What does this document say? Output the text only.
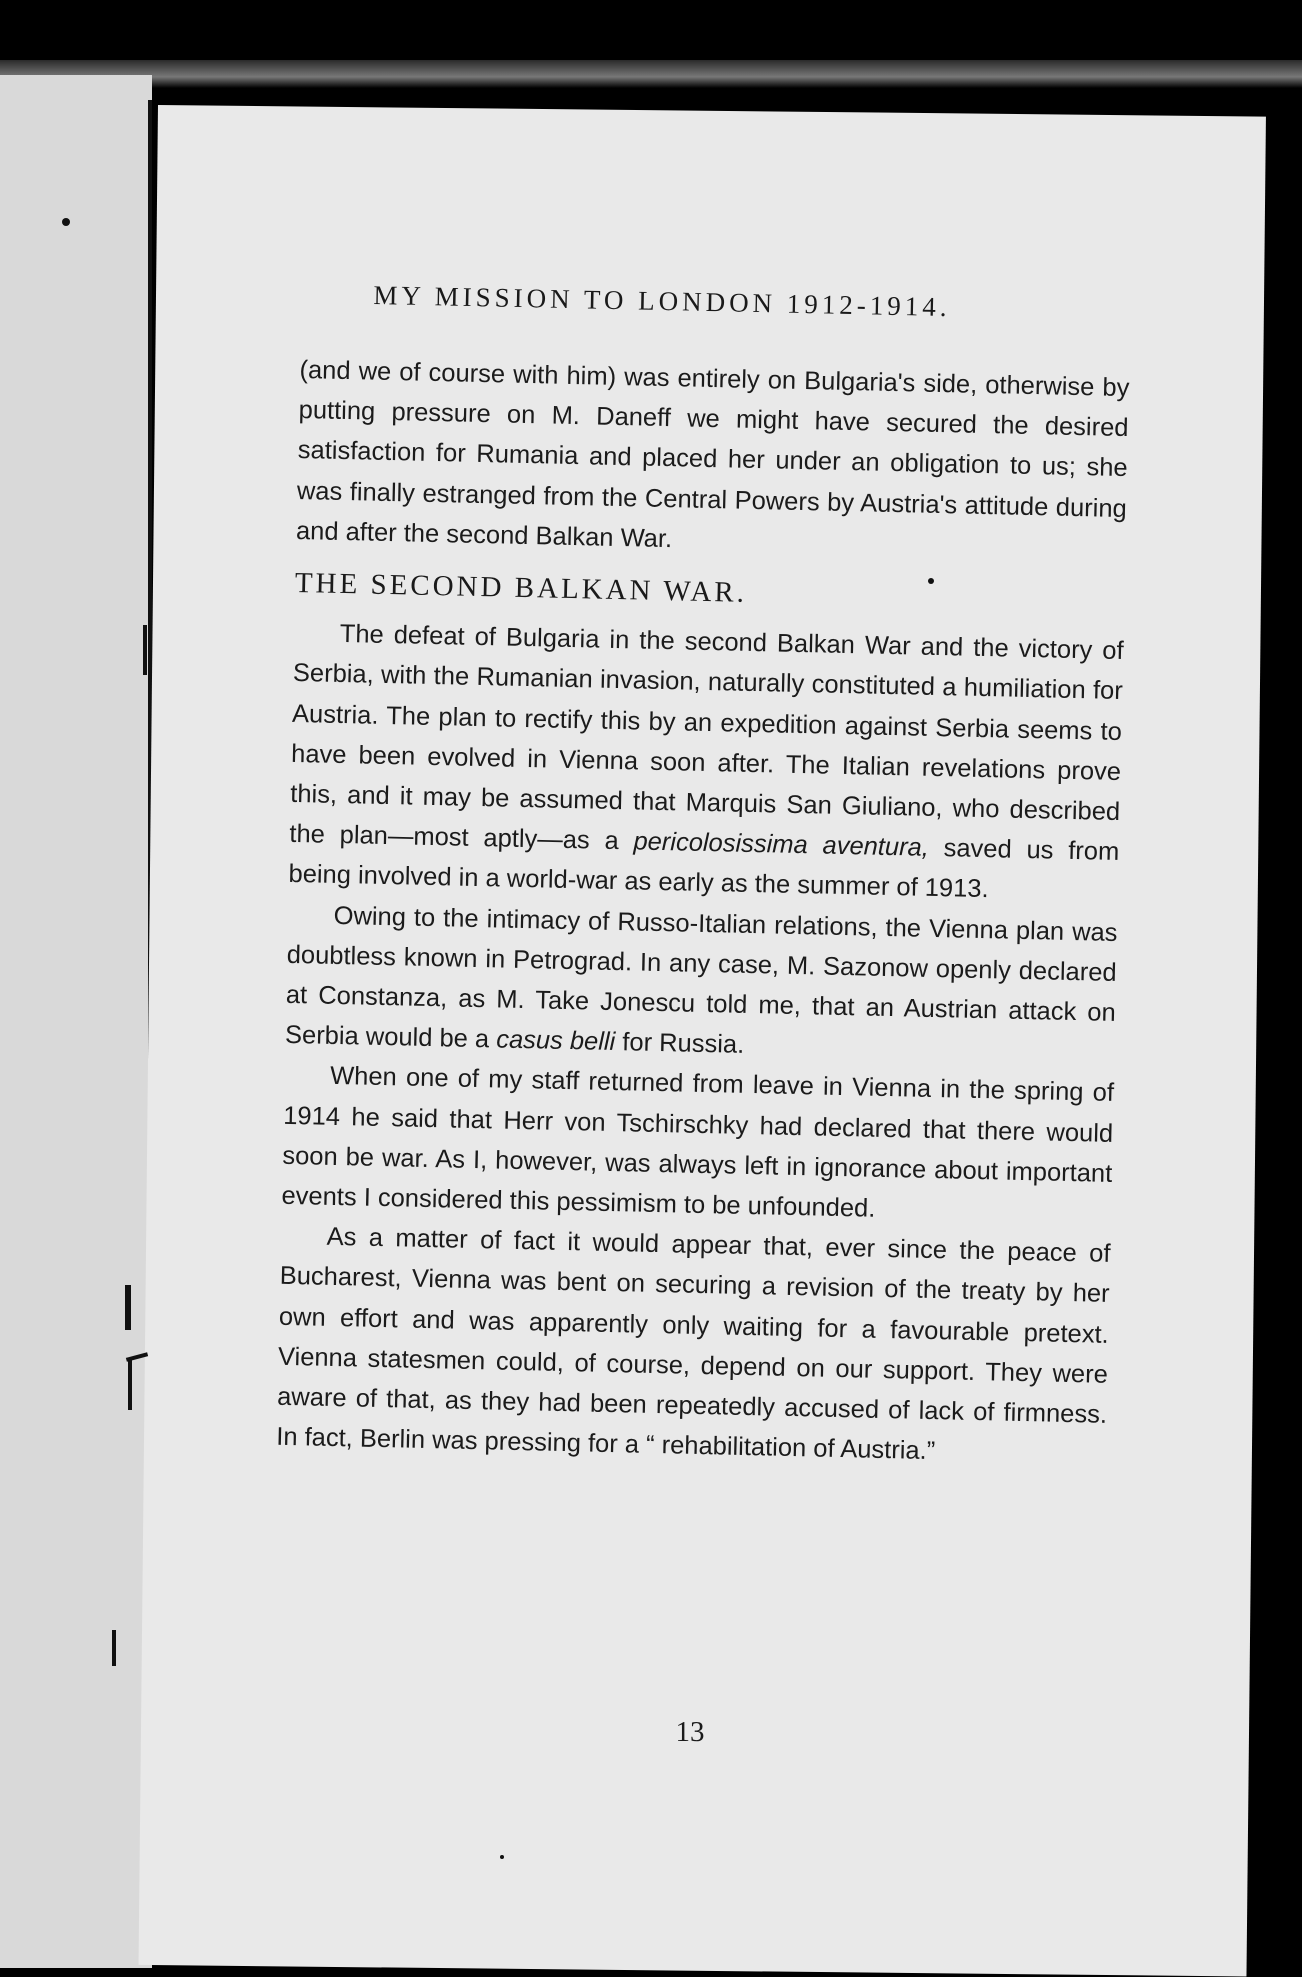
MY MISSION TO LONDON 1912-1914.

(and we of course with him) was entirely on Bulgaria's side, otherwise by putting pressure on M. Daneff we might have secured the desired satisfaction for Rumania and placed her under an obligation to us; she was finally estranged from the Central Powers by Austria's attitude during and after the second Balkan War.

THE SECOND BALKAN WAR.

The defeat of Bulgaria in the second Balkan War and the victory of Serbia, with the Rumanian invasion, naturally constituted a humiliation for Austria. The plan to rectify this by an expedition against Serbia seems to have been evolved in Vienna soon after. The Italian revelations prove this, and it may be assumed that Marquis San Giuliano, who described the plan—most aptly—as a pericolosissima aventura, saved us from being involved in a world-war as early as the summer of 1913.

Owing to the intimacy of Russo-Italian relations, the Vienna plan was doubtless known in Petrograd. In any case, M. Sazonow openly declared at Constanza, as M. Take Jonescu told me, that an Austrian attack on Serbia would be a casus belli for Russia.

When one of my staff returned from leave in Vienna in the spring of 1914 he said that Herr von Tschirschky had declared that there would soon be war. As I, however, was always left in ignorance about important events I considered this pessimism to be unfounded.

As a matter of fact it would appear that, ever since the peace of Bucharest, Vienna was bent on securing a revision of the treaty by her own effort and was apparently only waiting for a favourable pretext. Vienna statesmen could, of course, depend on our support. They were aware of that, as they had been repeatedly accused of lack of firmness. In fact, Berlin was pressing for a “ rehabilitation of Austria.”

13
